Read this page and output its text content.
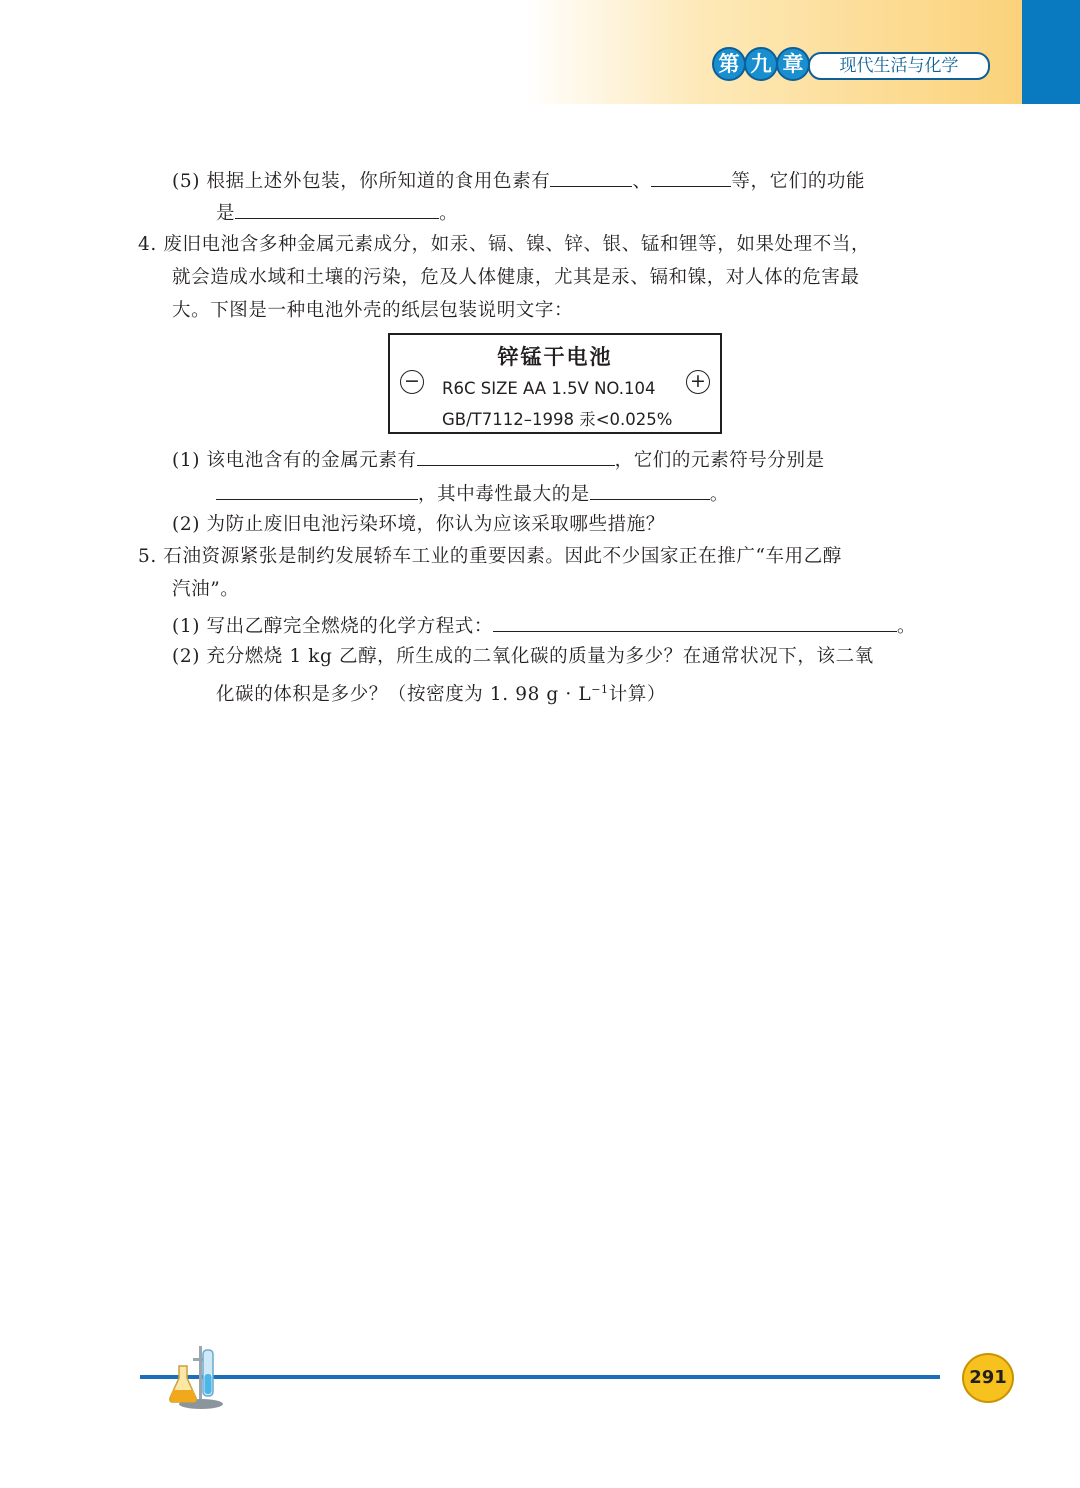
第 九 章	现代生活与化学
(5) 根据上述外包装，你所知道的食用色素有	、	等，它们的功能
是	。
4. 废旧电池含多种金属元素成分，如汞、镉、镍、锌、银、锰和锂等，如果处理不当，
就会造成水域和土壤的污染，危及人体健康，尤其是汞、镉和镍，对人体的危害最
大。下图是一种电池外壳的纸层包装说明文字：
锌锰干电池
−	+
R6C SIZE AA 1.5V NO.104
GB/T7112–1998 汞<0.025%
(1) 该电池含有的金属元素有	，它们的元素符号分别是
，其中毒性最大的是	。
(2) 为防止废旧电池污染环境，你认为应该采取哪些措施？
5. 石油资源紧张是制约发展轿车工业的重要因素。因此不少国家正在推广“车用乙醇
汽油”。
(1) 写出乙醇完全燃烧的化学方程式：	。
(2) 充分燃烧 1 kg 乙醇，所生成的二氧化碳的质量为多少？在通常状况下，该二氧
化碳的体积是多少？（按密度为 1. 98 $g \cdot L^{-1}$计算）
291
